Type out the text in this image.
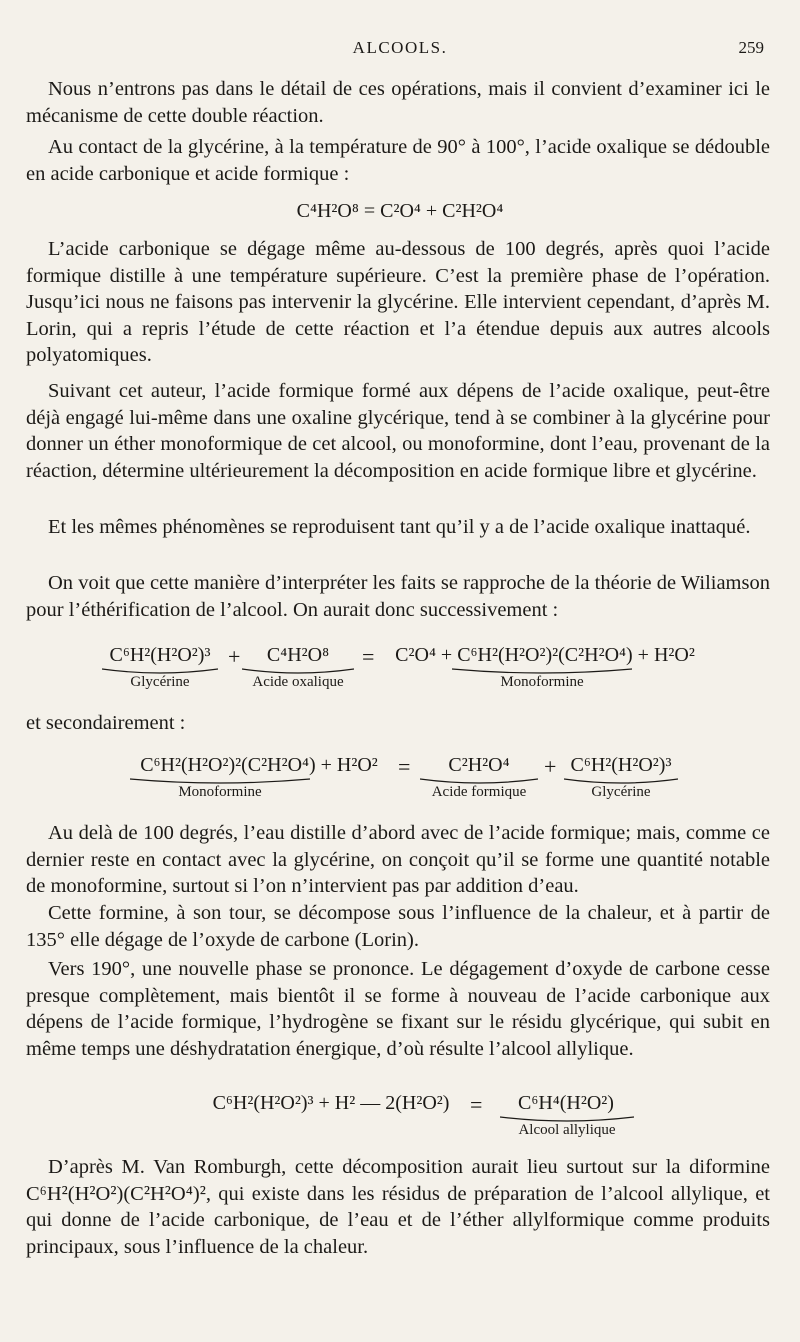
ALCOOLS.	259

Nous n’entrons pas dans le détail de ces opérations, mais il convient d’examiner ici le mécanisme de cette double réaction.

Au contact de la glycérine, à la température de 90° à 100°, l’acide oxalique se dédouble en acide carbonique et acide formique :

C⁴H²O⁸ = C²O⁴ + C²H²O⁴

L’acide carbonique se dégage même au-dessous de 100 degrés, après quoi l’acide formique distille à une température supérieure. C’est la première phase de l’opération. Jusqu’ici nous ne faisons pas intervenir la glycérine. Elle intervient cependant, d’après M. Lorin, qui a repris l’étude de cette réaction et l’a étendue depuis aux autres alcools polyatomiques.

Suivant cet auteur, l’acide formique formé aux dépens de l’acide oxalique, peut-être déjà engagé lui-même dans une oxaline glycérique, tend à se combiner à la glycérine pour donner un éther monoformique de cet alcool, ou monoformine, dont l’eau, provenant de la réaction, détermine ultérieurement la décomposition en acide formique libre et glycérine.

Et les mêmes phénomènes se reproduisent tant qu’il y a de l’acide oxalique inattaqué.

On voit que cette manière d’interpréter les faits se rapproche de la théorie de Wiliamson pour l’éthérification de l’alcool. On aurait donc successivement :

C⁶H²(H²O²)³
Glycérine
+	C⁴H²O⁸
Acide oxalique
= C²O⁴ + C⁶H²(H²O²)²(C²H²O⁴) + H²O²
Monoformine

et secondairement :

C⁶H²(H²O²)²(C²H²O⁴) + H²O²
Monoformine
=	C²H²O⁴
Acide formique
+ C⁶H²(H²O²)³
Glycérine

Au delà de 100 degrés, l’eau distille d’abord avec de l’acide formique; mais, comme ce dernier reste en contact avec la glycérine, on conçoit qu’il se forme une quantité notable de monoformine, surtout si l’on n’intervient pas par addition d’eau.

Cette formine, à son tour, se décompose sous l’influence de la chaleur, et à partir de 135° elle dégage de l’oxyde de carbone (Lorin).

Vers 190°, une nouvelle phase se prononce. Le dégagement d’oxyde de carbone cesse presque complètement, mais bientôt il se forme à nouveau de l’acide carbonique aux dépens de l’acide formique, l’hydrogène se fixant sur le résidu glycérique, qui subit en même temps une déshydratation énergique, d’où résulte l’alcool allylique.

C⁶H²(H²O²)³ + H² — 2(H²O²) =	C⁶H⁴(H²O²)
Alcool allylique

D’après M. Van Romburgh, cette décomposition aurait lieu surtout sur la diformine C⁶H²(H²O²)(C²H²O⁴)², qui existe dans les résidus de préparation de l’alcool allylique, et qui donne de l’acide carbonique, de l’eau et de l’éther allylformique comme produits principaux, sous l’influence de la chaleur.
